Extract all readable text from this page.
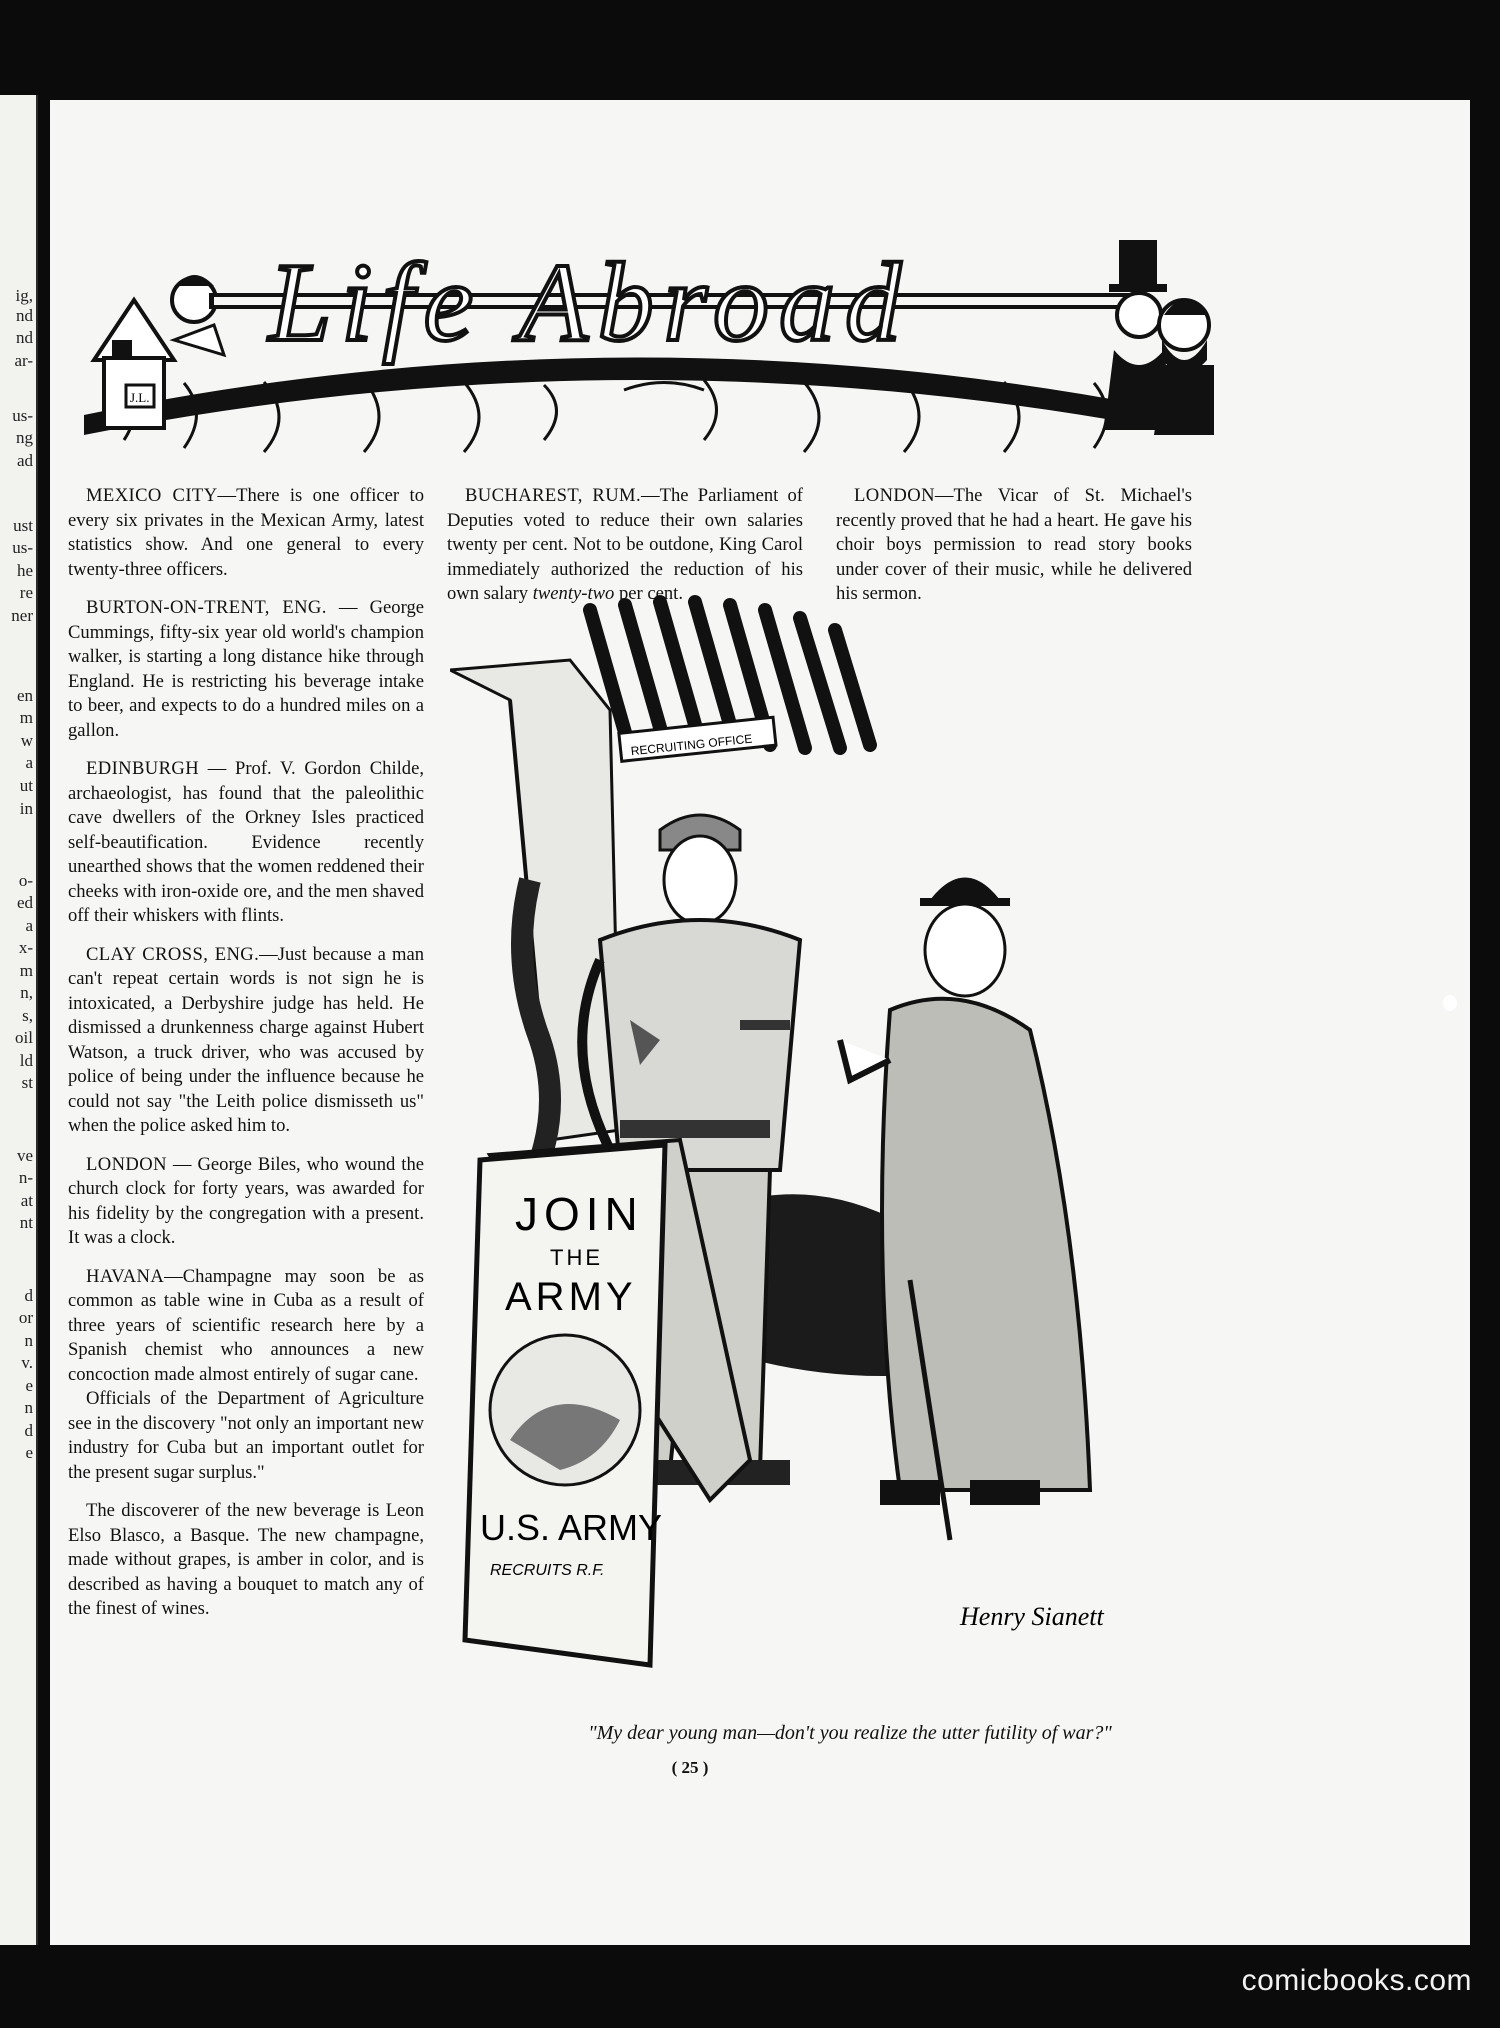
ig,
nd
nd
ar-
us-
ng
ad
ust
us-
he
re
ner
en
m
w
a
ut
in
o-
ed
a
x-
m
n,
s,
oil
ld
st
ve
n-
at
nt
d
or
n
v.
e
n
d
e
J.L.
Life Abroad

MEXICO CITY—There is one officer to every six privates in the Mexican Army, latest statistics show. And one general to every twenty-three officers.

BURTON-ON-TRENT, ENG. — George Cummings, fifty-six year old world's champion walker, is starting a long distance hike through England. He is restricting his beverage intake to beer, and expects to do a hundred miles on a gallon.

EDINBURGH — Prof. V. Gordon Childe, archaeologist, has found that the paleolithic cave dwellers of the Orkney Isles practiced self-beautification. Evidence recently unearthed shows that the women reddened their cheeks with iron-oxide ore, and the men shaved off their whiskers with flints.

CLAY CROSS, ENG.—Just because a man can't repeat certain words is not sign he is intoxicated, a Derbyshire judge has held. He dismissed a drunkenness charge against Hubert Watson, a truck driver, who was accused by police of being under the influence because he could not say "the Leith police dismisseth us" when the police asked him to.

LONDON — George Biles, who wound the church clock for forty years, was awarded for his fidelity by the congregation with a present. It was a clock.

HAVANA—Champagne may soon be as common as table wine in Cuba as a result of three years of scientific research here by a Spanish chemist who announces a new concoction made almost entirely of sugar cane.

Officials of the Department of Agriculture see in the discovery "not only an important new industry for Cuba but an important outlet for the present sugar surplus."

The discoverer of the new beverage is Leon Elso Blasco, a Basque. The new champagne, made without grapes, is amber in color, and is described as having a bouquet to match any of the finest of wines.

BUCHAREST, RUM.—The Parliament of Deputies voted to reduce their own salaries twenty per cent. Not to be outdone, King Carol immediately authorized the reduction of his own salary twenty-two per cent.

LONDON—The Vicar of St. Michael's recently proved that he had a heart. He gave his choir boys permission to read story books under cover of their music, while he delivered his sermon.

RECRUITING OFFICE
JOIN
THE
ARMY
U.S. ARMY
RECRUITS R.F.
Henry Sianett
"My dear young man—don't you realize the utter futility of war?"
( 25 )
comicbooks.com
